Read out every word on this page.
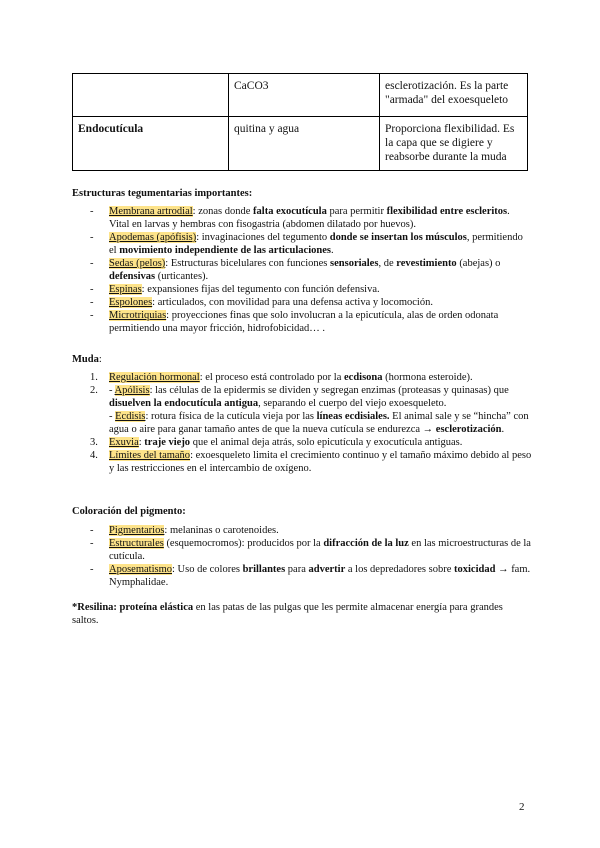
	CaCO3	esclerotización. Es la parte "armada" del exoesqueleto
Endocutícula	quitina y agua	Proporciona flexibilidad. Es la capa que se digiere y reabsorbe durante la muda
Estructuras tegumentarias importantes:
- Membrana artrodial: zonas donde falta exocutícula para permitir flexibilidad entre escleritos. Vital en larvas y hembras con fisogastria (abdomen dilatado por huevos).
- Apodemas (apófisis): invaginaciones del tegumento donde se insertan los músculos, permitiendo el movimiento independiente de las articulaciones.
- Sedas (pelos): Estructuras bicelulares con funciones sensoriales, de revestimiento (abejas) o defensivas (urticantes).
- Espinas: expansiones fijas del tegumento con función defensiva.
- Espolones: articulados, con movilidad para una defensa activa y locomoción.
- Microtriquias: proyecciones finas que solo involucran a la epicutícula, alas de orden odonata permitiendo una mayor fricción, hidrofobicidad… .
Muda:
1. Regulación hormonal: el proceso está controlado por la ecdisona (hormona esteroide).
2. - Apólisis: las células de la epidermis se dividen y segregan enzimas (proteasas y quinasas) que disuelven la endocutícula antigua, separando el cuerpo del viejo exoesqueleto.
- Ecdisis: rotura física de la cutícula vieja por las líneas ecdisiales. El animal sale y se “hincha” con agua o aire para ganar tamaño antes de que la nueva cutícula se endurezca → esclerotización.
3. Exuvia: traje viejo que el animal deja atrás, solo epicutícula y exocutícula antiguas.
4. Límites del tamaño: exoesqueleto limita el crecimiento continuo y el tamaño máximo debido al peso y las restricciones en el intercambio de oxígeno.
Coloración del pigmento:
- Pigmentarios: melaninas o carotenoides.
- Estructurales (esquemocromos): producidos por la difracción de la luz en las microestructuras de la cutícula.
- Aposematismo: Uso de colores brillantes para advertir a los depredadores sobre toxicidad → fam. Nymphalidae.
*Resilina: proteína elástica en las patas de las pulgas que les permite almacenar energía para grandes saltos.
2
